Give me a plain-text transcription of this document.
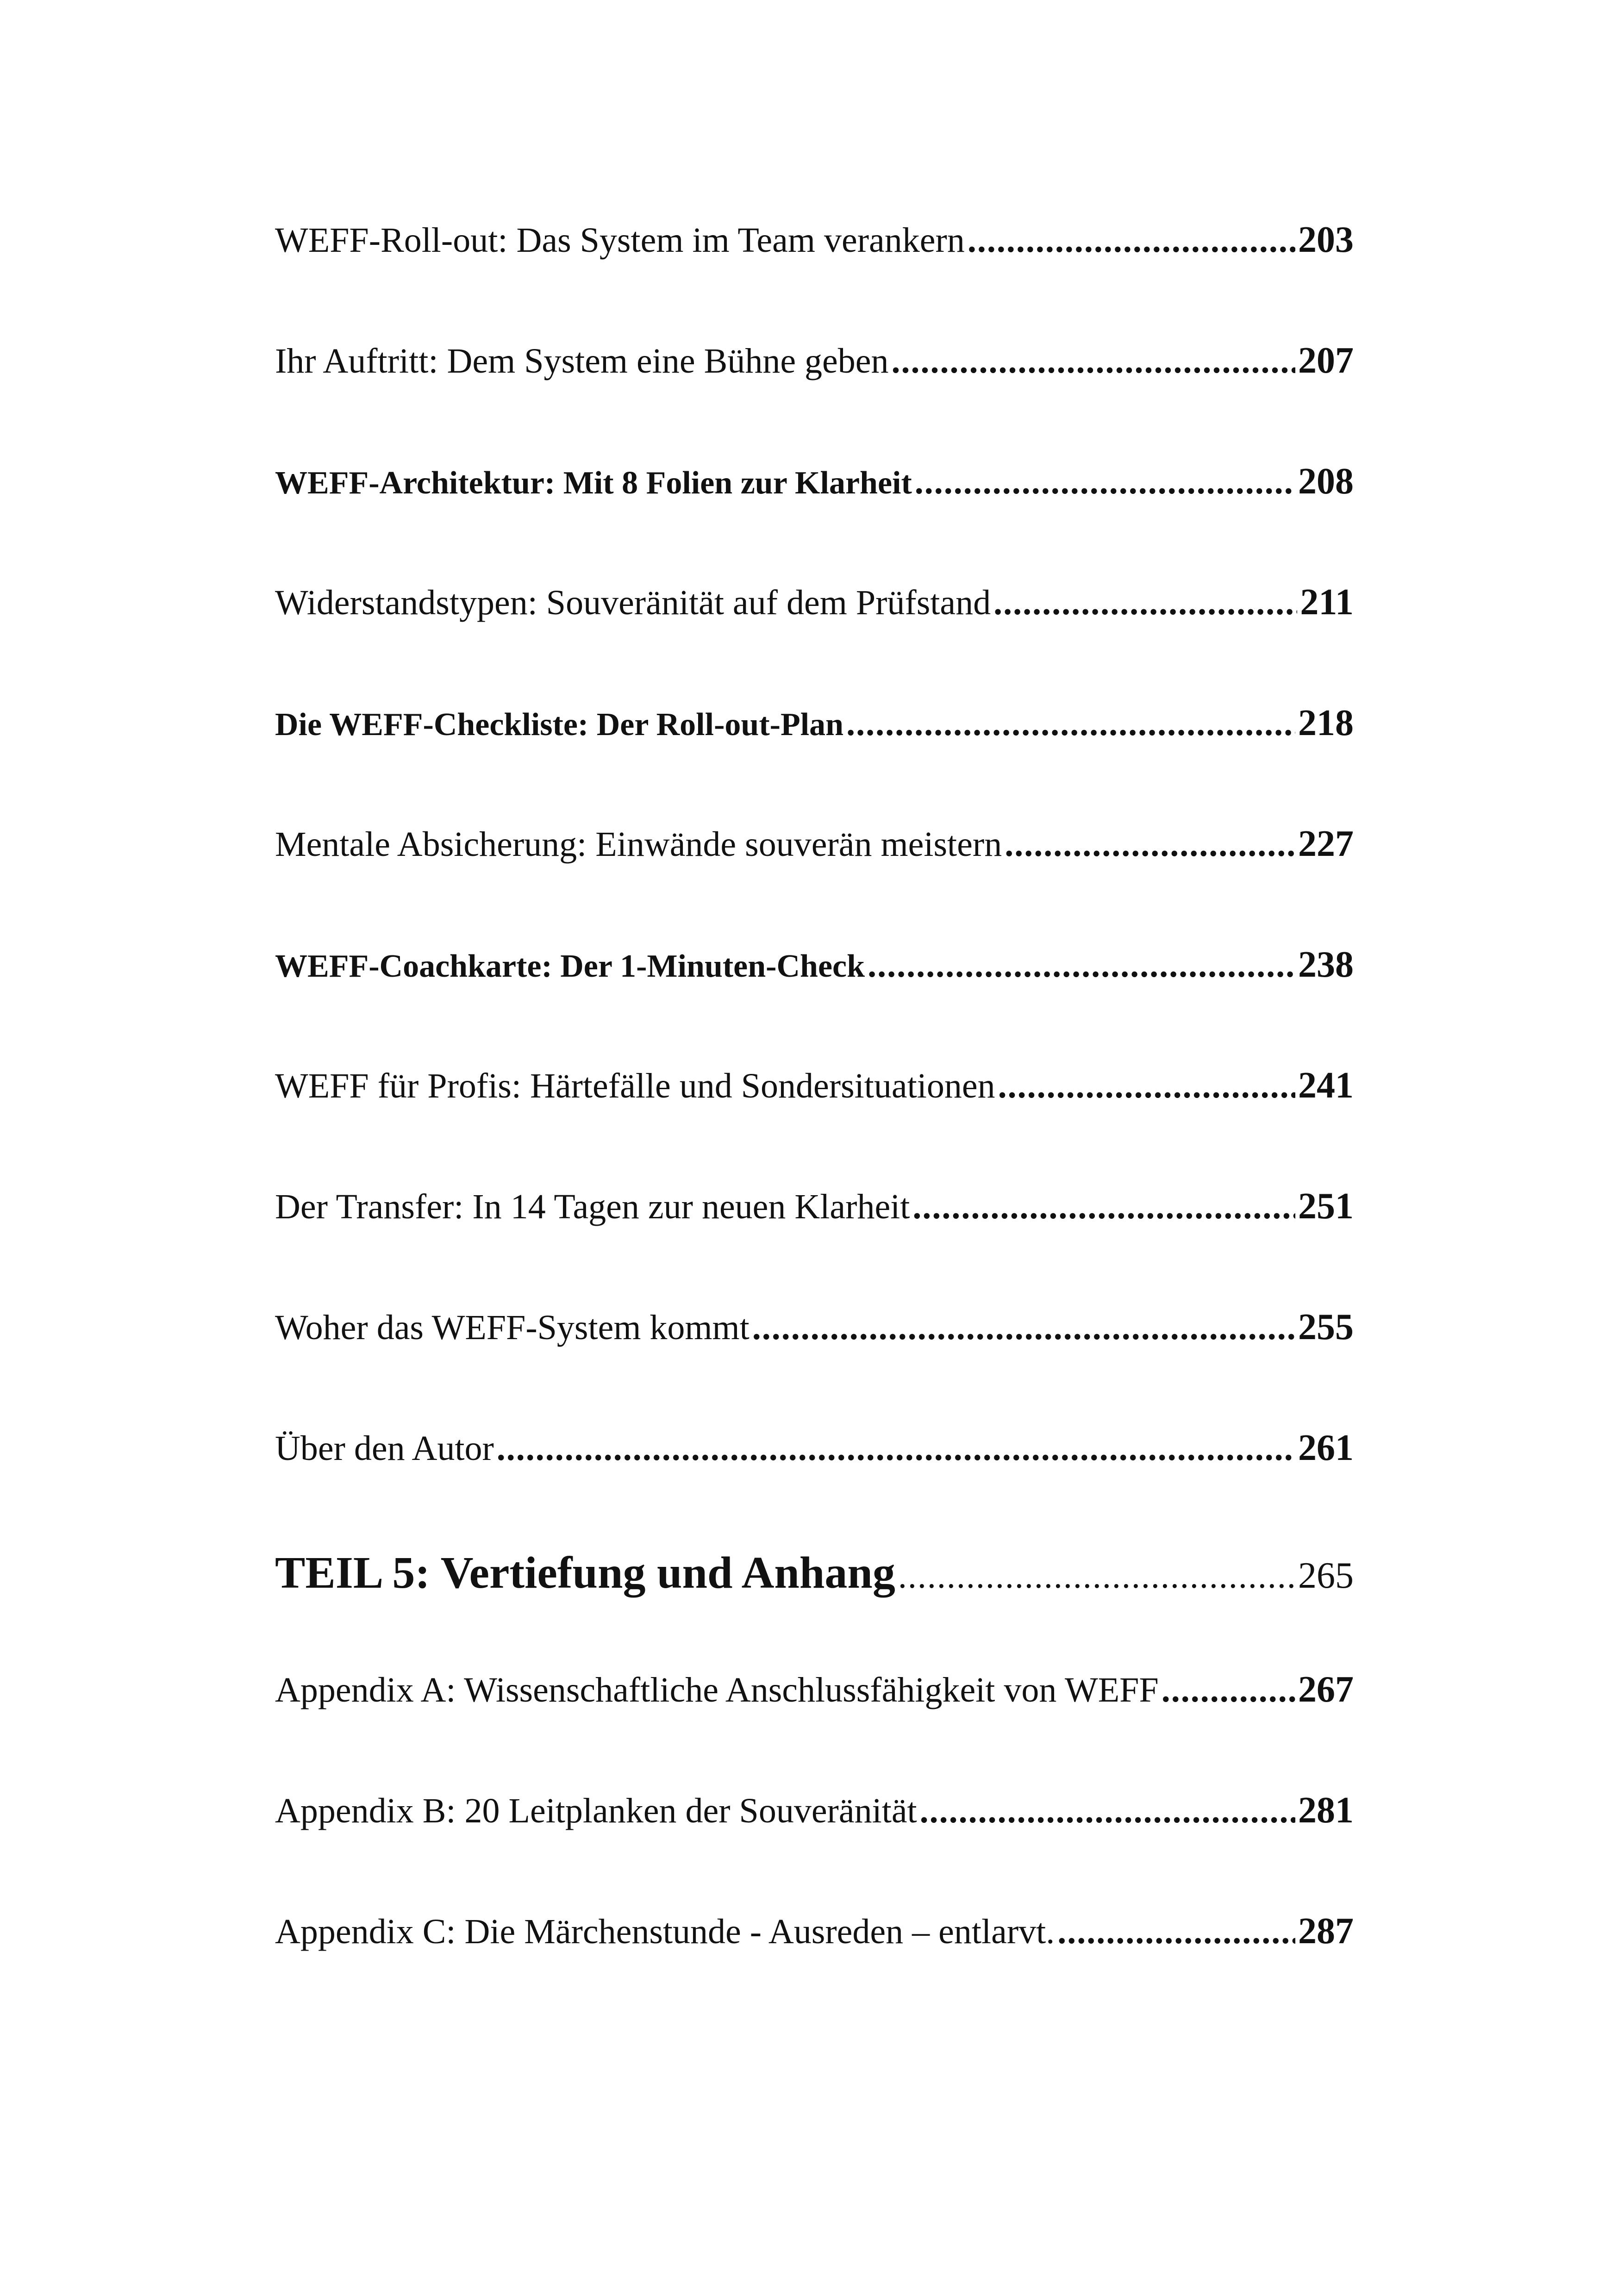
WEFF-Roll-out: Das System im Team verankern .....	203
Ihr Auftritt: Dem System eine Bühne geben .....	207
WEFF-Architektur: Mit 8 Folien zur Klarheit .....	208
Widerstandstypen: Souveränität auf dem Prüfstand .....	211
Die WEFF-Checkliste: Der Roll-out-Plan .....	218
Mentale Absicherung: Einwände souverän meistern .....	227
WEFF-Coachkarte: Der 1-Minuten-Check .....	238
WEFF für Profis: Härtefälle und Sondersituationen .....	241
Der Transfer: In 14 Tagen zur neuen Klarheit .....	251
Woher das WEFF-System kommt .....	255
Über den Autor .....	261
TEIL 5: Vertiefung und Anhang .....	265
Appendix A: Wissenschaftliche Anschlussfähigkeit von WEFF .....	267
Appendix B: 20 Leitplanken der Souveränität .....	281
Appendix C: Die Märchenstunde - Ausreden – entlarvt. .....	287
